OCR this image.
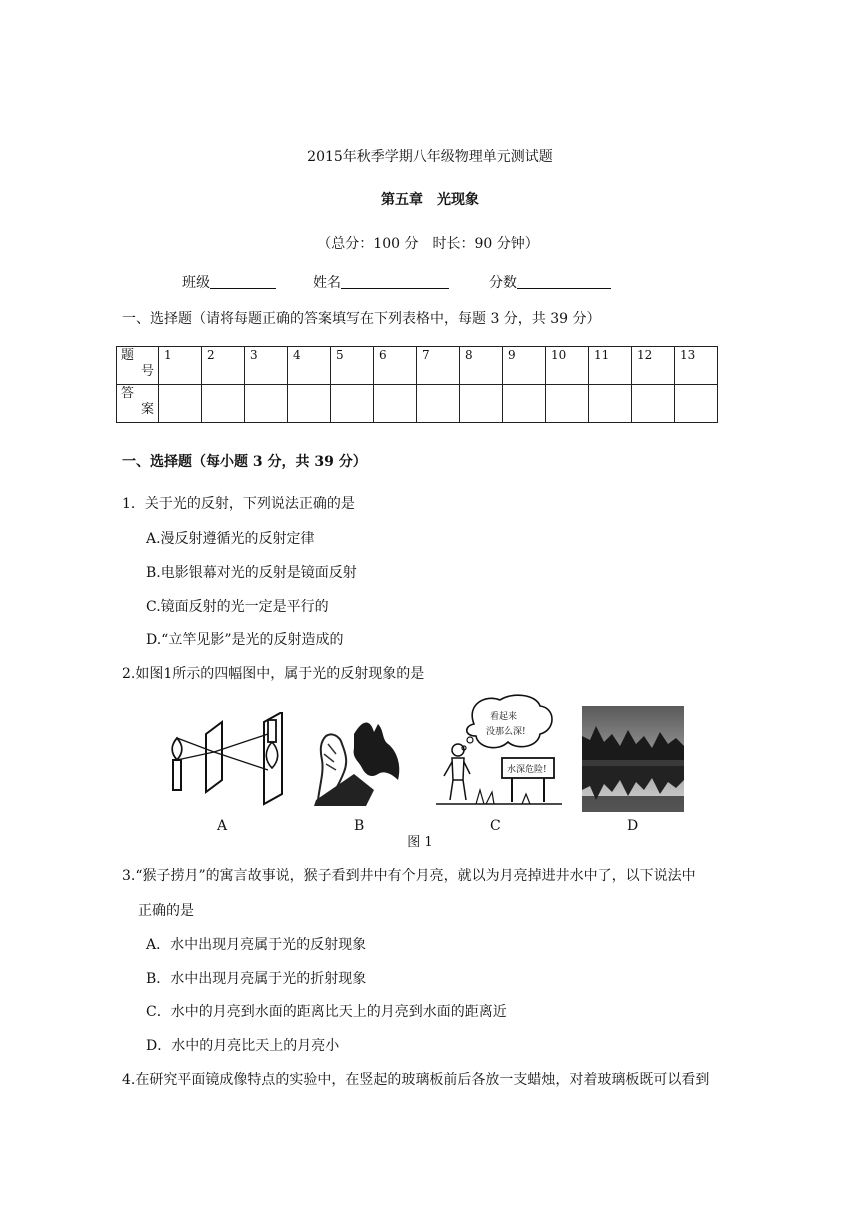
2015年秋季学期八年级物理单元测试题
第五章　光现象
（总分：100 分　时长：90 分钟）
班级	姓名	分数
一、选择题（请将每题正确的答案填写在下列表格中，每题 3 分，共 39 分）
题
号	1	2	3	4	5	6	7	8	9	10	11	12	13

答
案													

一、选择题（每小题 3 分，共 39 分）
1．关于光的反射，下列说法正确的是
A.漫反射遵循光的反射定律
B.电影银幕对光的反射是镜面反射
C.镜面反射的光一定是平行的
D.“立竿见影”是光的反射造成的
2.如图1所示的四幅图中，属于光的反射现象的是
看起来
没那么深!
水深危险!
A	B	C	D
图 1
3.“猴子捞月”的寓言故事说，猴子看到井中有个月亮，就以为月亮掉进井水中了，以下说法中
正确的是
A．水中出现月亮属于光的反射现象
B．水中出现月亮属于光的折射现象
C．水中的月亮到水面的距离比天上的月亮到水面的距离近
D．水中的月亮比天上的月亮小
4.在研究平面镜成像特点的实验中，在竖起的玻璃板前后各放一支蜡烛，对着玻璃板既可以看到
